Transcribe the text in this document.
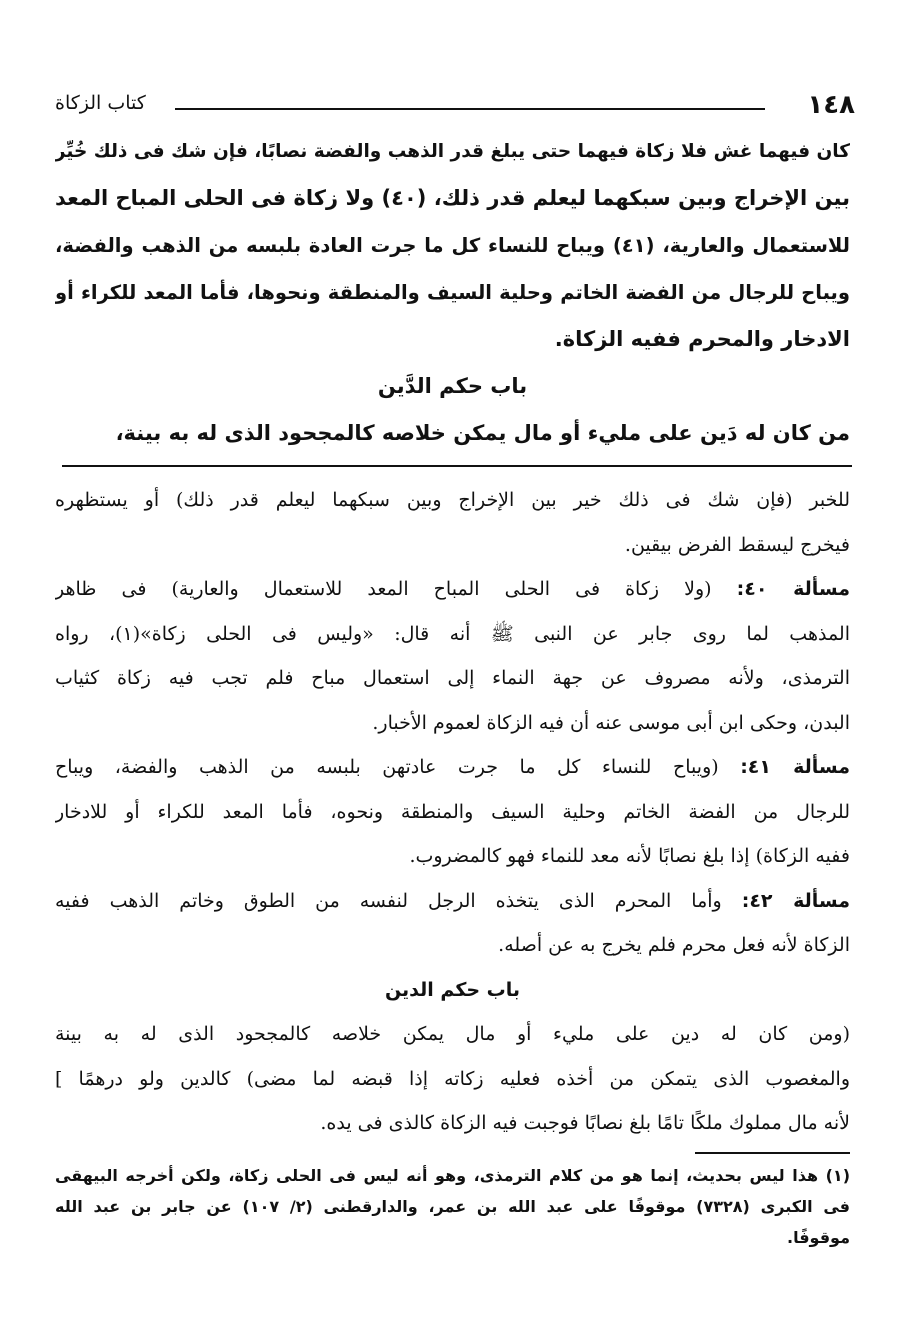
١٤٨
كتاب الزكاة
كان فيهما غش فلا زكاة فيهما حتى يبلغ قدر الذهب والفضة نصابًا، فإن شك فى ذلك خُيِّر
بين الإخراج وبين سبكهما ليعلم قدر ذلك، (٤٠) ولا زكاة فى الحلى المباح المعد
للاستعمال والعارية، (٤١) ويباح للنساء كل ما جرت العادة بلبسه من الذهب والفضة،
ويباح للرجال من الفضة الخاتم وحلية السيف والمنطقة ونحوها، فأما المعد للكراء أو
الادخار والمحرم ففيه الزكاة.
باب حكم الدَّين
من كان له دَين على مليء أو مال يمكن خلاصه كالمجحود الذى له به بينة،
للخبر (فإن شك فى ذلك خير بين الإخراج وبين سبكهما ليعلم قدر ذلك) أو يستظهره
فيخرج ليسقط الفرض بيقين.
مسألة ٤٠: (ولا زكاة فى الحلى المباح المعد للاستعمال والعارية) فى ظاهر
المذهب لما روى جابر عن النبى ﷺ أنه قال: «وليس فى الحلى زكاة»(١)، رواه
الترمذى، ولأنه مصروف عن جهة النماء إلى استعمال مباح فلم تجب فيه زكاة كثياب
البدن، وحكى ابن أبى موسى عنه أن فيه الزكاة لعموم الأخبار.
مسألة ٤١: (ويباح للنساء كل ما جرت عادتهن بلبسه من الذهب والفضة، ويباح
للرجال من الفضة الخاتم وحلية السيف والمنطقة ونحوه، فأما المعد للكراء أو للادخار
ففيه الزكاة) إذا بلغ نصابًا لأنه معد للنماء فهو كالمضروب.
مسألة ٤٢: وأما المحرم الذى يتخذه الرجل لنفسه من الطوق وخاتم الذهب ففيه
الزكاة لأنه فعل محرم فلم يخرج به عن أصله.
باب حكم الدين
(ومن كان له دين على مليء أو مال يمكن خلاصه كالمجحود الذى له به بينة
والمغصوب الذى يتمكن من أخذه فعليه زكاته إذا قبضه لما مضى) كالدين ولو درهمًا ]
لأنه مال مملوك ملكًا تامًا بلغ نصابًا فوجبت فيه الزكاة كالذى فى يده.
(١) هذا ليس بحديث، إنما هو من كلام الترمذى، وهو أنه ليس فى الحلى زكاة، ولكن أخرجه البيهقى
فى الكبرى (٧٣٢٨) موقوفًا على عبد الله بن عمر، والدارقطنى (٢/ ١٠٧) عن جابر بن عبد الله
موقوفًا.
